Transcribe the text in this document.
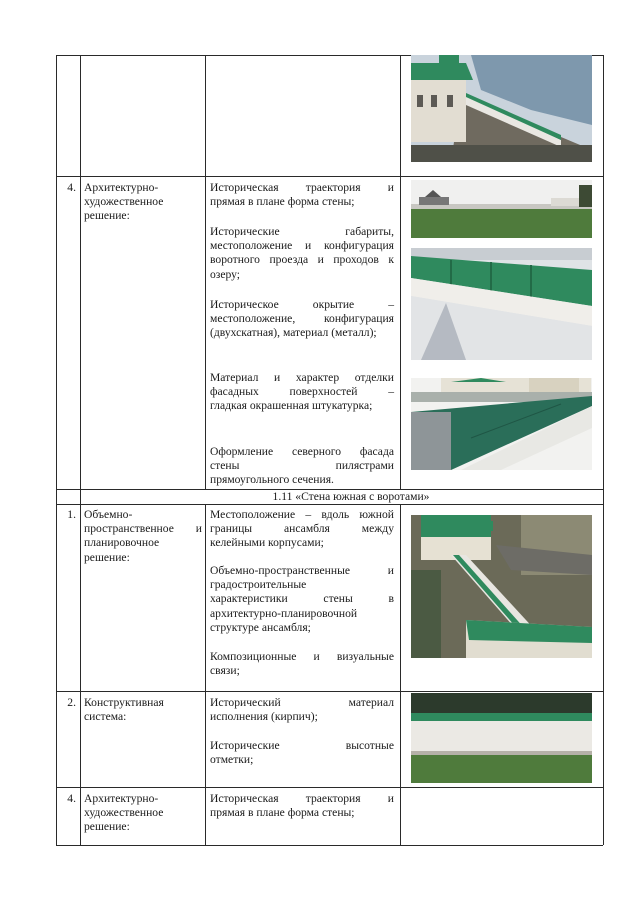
4. Архитектурно-
художественное
решение:

Историческая траектория и

прямая в плане форма стены;

Исторические габариты,

местоположение и конфигурация

воротного проезда и проходов к

озеру;

Историческое окрытие –

местоположение, конфигурация

(двухскатная), материал (металл);

Материал и характер отделки

фасадных поверхностей –

гладкая окрашенная штукатурка;

Оформление северного фасада

стены пилястрами

прямоугольного сечения.

1.11 «Стена южная с воротами»
1. Объемно-
пространственное и
планировочное
решение:

Местоположение – вдоль южной

границы ансамбля между

келейными корпусами;

Объемно-пространственные и

градостроительные

характеристики стены в

архитектурно-планировочной

структуре ансамбля;

Композиционные и визуальные

связи;

2. Конструктивная
система:

Исторический материал

исполнения (кирпич);

Исторические высотные

отметки;

4. Архитектурно-
художественное
решение:

Историческая траектория и

прямая в плане форма стены;
